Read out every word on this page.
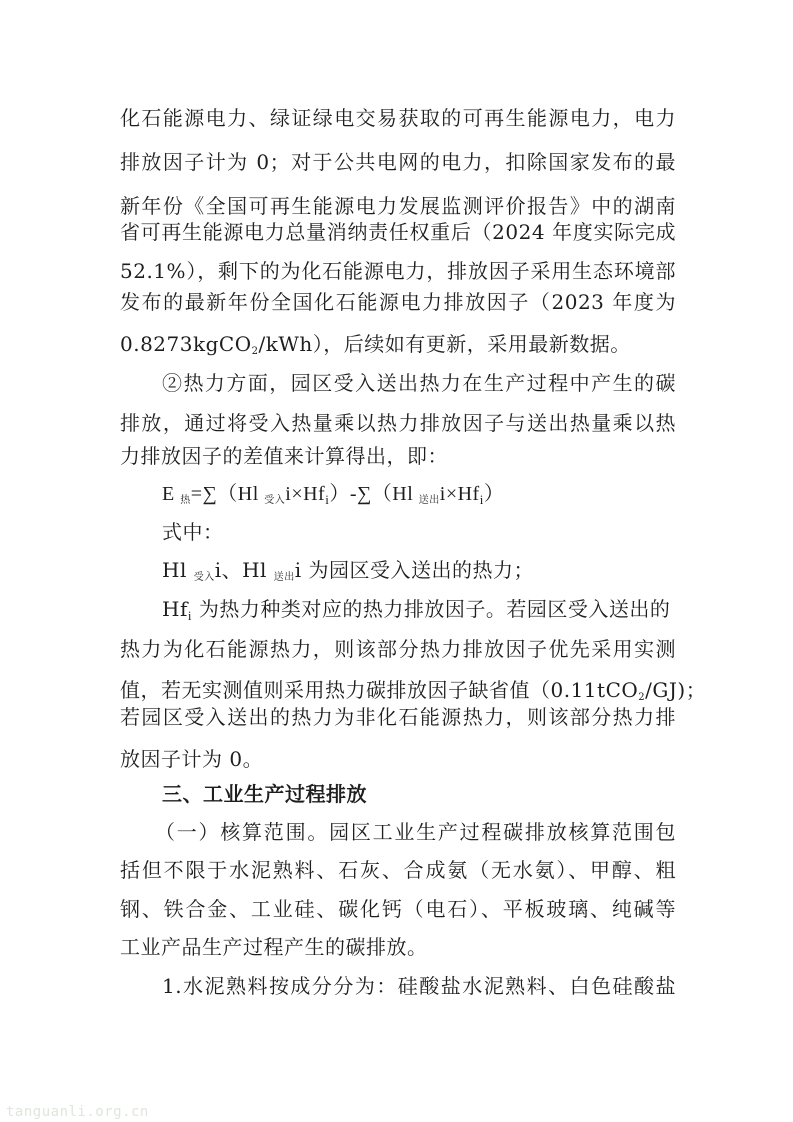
化石能源电力、绿证绿电交易获取的可再生能源电力，电力
排放因子计为 0；对于公共电网的电力，扣除国家发布的最
新年份《全国可再生能源电力发展监测评价报告》中的湖南
省可再生能源电力总量消纳责任权重后（2024 年度实际完成
52.1%），剩下的为化石能源电力，排放因子采用生态环境部
发布的最新年份全国化石能源电力排放因子（2023 年度为
0.8273kgCO$_2$/kWh），后续如有更新，采用最新数据。
②热力方面，园区受入送出热力在生产过程中产生的碳
排放，通过将受入热量乘以热力排放因子与送出热量乘以热
力排放因子的差值来计算得出，即：
E $_热$=∑（Hl $_{受入}i\times Hf_i)-\sum(Hl$ $_{送出}i\times Hf_i$）
式中：
Hl $_{受入}$i、Hl $_{送出}$i 为园区受入送出的热力；
$Hf_i$ 为热力种类对应的热力排放因子。若园区受入送出的
热力为化石能源热力，则该部分热力排放因子优先采用实测
值，若无实测值则采用热力碳排放因子缺省值（0.11tCO$_2$/GJ)；
若园区受入送出的热力为非化石能源热力，则该部分热力排
放因子计为 0。
三、工业生产过程排放
（一）核算范围。园区工业生产过程碳排放核算范围包
括但不限于水泥熟料、石灰、合成氨（无水氨）、甲醇、粗
钢、铁合金、工业硅、碳化钙（电石）、平板玻璃、纯碱等
工业产品生产过程产生的碳排放。
1.水泥熟料按成分分为：硅酸盐水泥熟料、白色硅酸盐
tanguanli.org.cn
